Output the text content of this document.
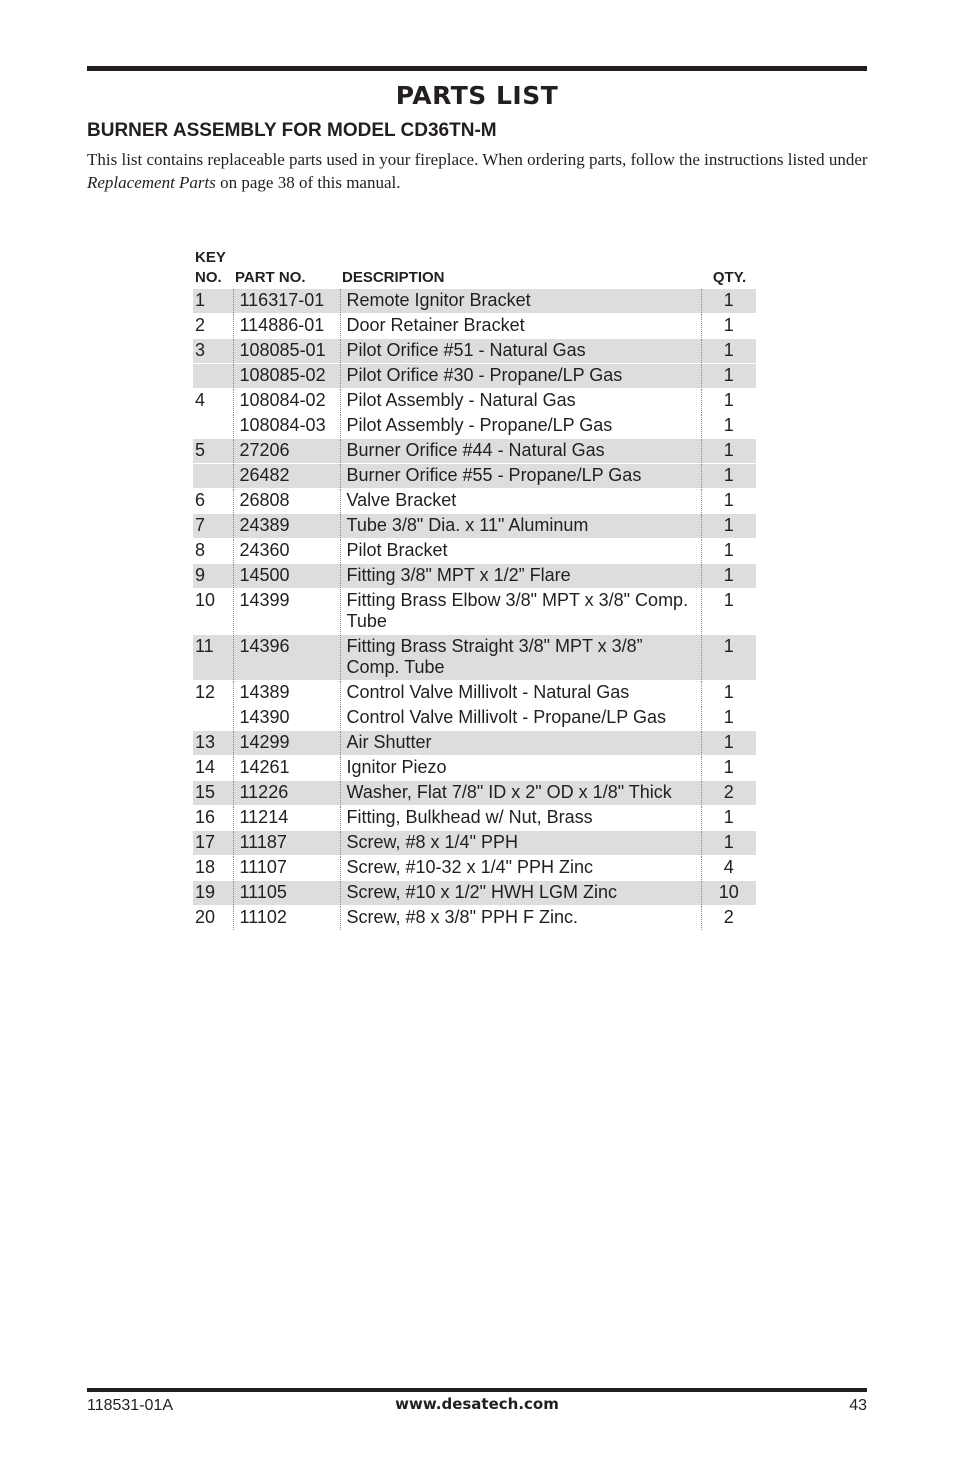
PARTS LIST
BURNER ASSEMBLY FOR MODEL CD36TN-M
This list contains replaceable parts used in your fireplace. When ordering parts, follow the instructions listed under Replacement Parts on page 38 of this manual.
KEY
NO.	PART NO.	DESCRIPTION	QTY.
1	116317-01	Remote Ignitor Bracket	1
2	114886-01	Door Retainer Bracket	1
3	108085-01	Pilot Orifice #51 - Natural Gas	1
	108085-02	Pilot Orifice #30 - Propane/LP Gas	1
4	108084-02	Pilot Assembly - Natural Gas	1
	108084-03	Pilot Assembly - Propane/LP Gas	1
5	27206	Burner Orifice #44 - Natural Gas	1
	26482	Burner Orifice #55 - Propane/LP Gas	1
6	26808	Valve Bracket	1
7	24389	Tube 3/8" Dia. x 11" Aluminum	1
8	24360	Pilot Bracket	1
9	14500	Fitting 3/8" MPT x 1/2” Flare	1
10	14399	Fitting Brass Elbow 3/8" MPT x 3/8" Comp. Tube	1
11	14396	Fitting Brass Straight 3/8" MPT x 3/8” Comp. Tube	1
12	14389	Control Valve Millivolt - Natural Gas	1
	14390	Control Valve Millivolt - Propane/LP Gas	1
13	14299	Air Shutter	1
14	14261	Ignitor Piezo	1
15	11226	Washer, Flat 7/8" ID x 2" OD x 1/8" Thick	2
16	11214	Fitting, Bulkhead w/ Nut, Brass	1
17	11187	Screw, #8 x 1/4" PPH	1
18	11107	Screw, #10-32 x 1/4" PPH Zinc	4
19	11105	Screw, #10 x 1/2" HWH LGM Zinc	10
20	11102	Screw, #8 x 3/8" PPH F Zinc.	2
118531-01A	www.desatech.com	43
